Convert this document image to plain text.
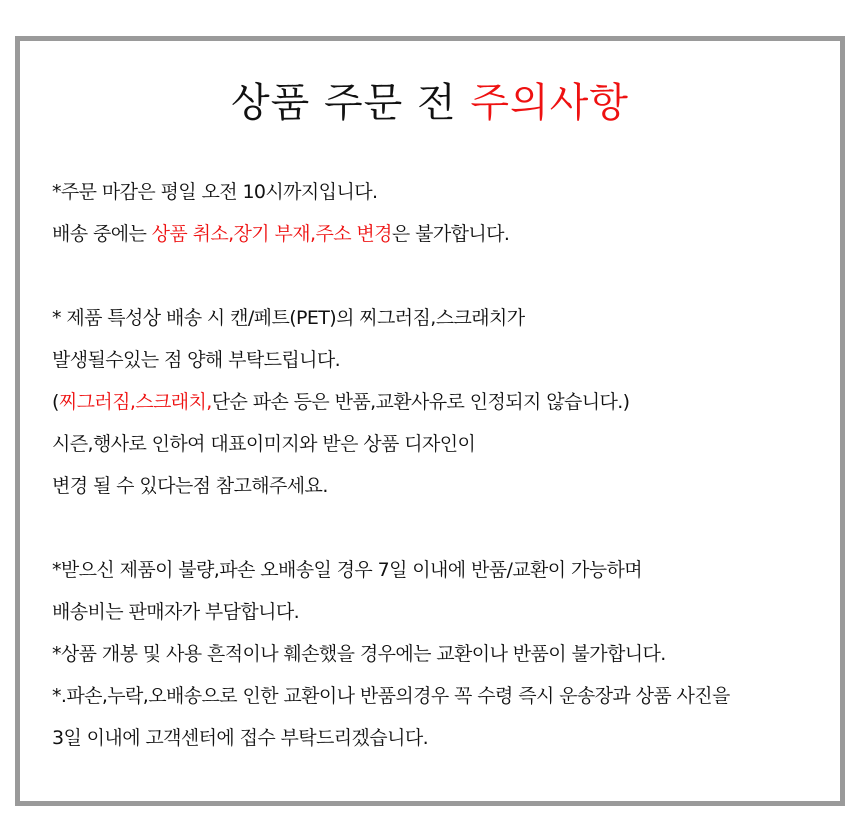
상품 주문 전 주의사항
*주문 마감은 평일 오전 10시까지입니다.
배송 중에는 상품 취소,장기 부재,주소 변경은 불가합니다.
* 제품 특성상 배송 시 캔/페트(PET)의 찌그러짐,스크래치가
발생될수있는 점 양해 부탁드립니다.
(찌그러짐,스크래치,단순 파손 등은 반품,교환사유로 인정되지 않습니다.)
시즌,행사로 인하여 대표이미지와 받은 상품 디자인이
변경 될 수 있다는점 참고해주세요.
*받으신 제품이 불량,파손 오배송일 경우 7일 이내에 반품/교환이 가능하며
배송비는 판매자가 부담합니다.
*상품 개봉 및 사용 흔적이나 훼손했을 경우에는 교환이나 반품이 불가합니다.
*.파손,누락,오배송으로 인한 교환이나 반품의경우 꼭 수령 즉시 운송장과 상품 사진을
3일 이내에 고객센터에 접수 부탁드리겠습니다.
